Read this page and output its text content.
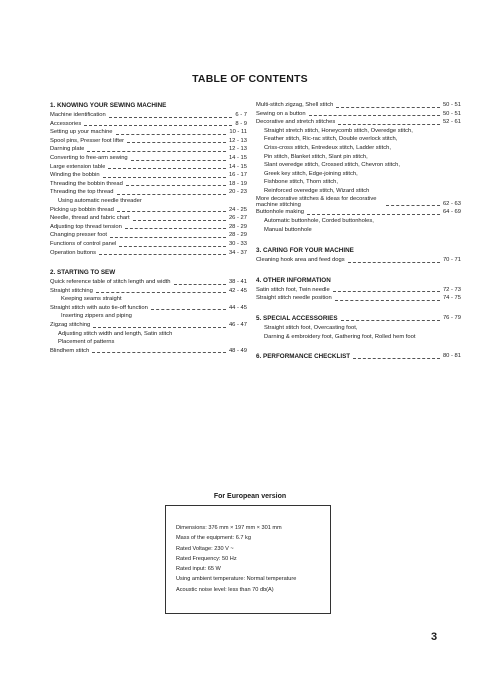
TABLE OF CONTENTS
1. KNOWING YOUR SEWING MACHINE
Machine identification	6 - 7
Accessories	8 - 9
Setting up your machine	10 - 11
Spool pins, Presser foot lifter	12 - 13
Darning plate	12 - 13
Converting to free-arm sewing	14 - 15
Large extension table	14 - 15
Winding the bobbin	16 - 17
Threading the bobbin thread	18 - 19
Threading the top thread	20 - 23
Using automatic needle threader
Picking up bobbin thread	24 - 25
Needle, thread and fabric chart	26 - 27
Adjusting top thread tension	28 - 29
Changing presser foot	28 - 29
Functions of control panel	30 - 33
Operation buttons	34 - 37
2. STARTING TO SEW
Quick reference table of stitch length and width	38 - 41
Straight stitching	42 - 45
Keeping seams straight
Straight stitch with auto tie-off function	44 - 45
Inserting zippers and piping
Zigzag stitching	46 - 47
Adjusting stitch width and length, Satin stitch
Placement of patterns
Blindhem stitch	48 - 49
Multi-stitch zigzag, Shell stitch	50 - 51
Sewing on a button	50 - 51
Decorative and stretch stitches	52 - 61
Straight stretch stitch, Honeycomb stitch, Overedge stitch,
Feather stitch, Ric-rac stitch, Double overlock stitch,
Criss-cross stitch, Entredeux stitch, Ladder stitch,
Pin stitch, Blanket stitch, Slant pin stitch,
Slant overedge stitch, Crossed stitch, Chevron stitch,
Greek key stitch, Edge-joining stitch,
Fishbone stitch, Thorn stitch,
Reinforced overedge stitch, Wizard stitch
More decorative stitches & ideas for decorative machine stitching	62 - 63
Buttonhole making	64 - 69
Automatic buttonhole, Corded buttonholes,
Manual buttonhole
3. CARING FOR YOUR MACHINE
Cleaning hook area and feed dogs	70 - 71
4. OTHER INFORMATION
Satin stitch foot, Twin needle	72 - 73
Straight stitch needle position	74 - 75
5. SPECIAL ACCESSORIES	76 - 79
Straight stitch foot, Overcasting foot,
Darning & embroidery foot, Gathering foot, Rolled hem foot
6. PERFORMANCE CHECKLIST	80 - 81
For European version
Dimensions: 376 mm × 197 mm × 301 mm
Mass of the equipment: 6.7 kg
Rated Voltage: 230 V ~
Rated Frequency: 50 Hz
Rated input: 65 W
Using ambient temperature: Normal temperature
Acoustic noise level: less than 70 db(A)
3
